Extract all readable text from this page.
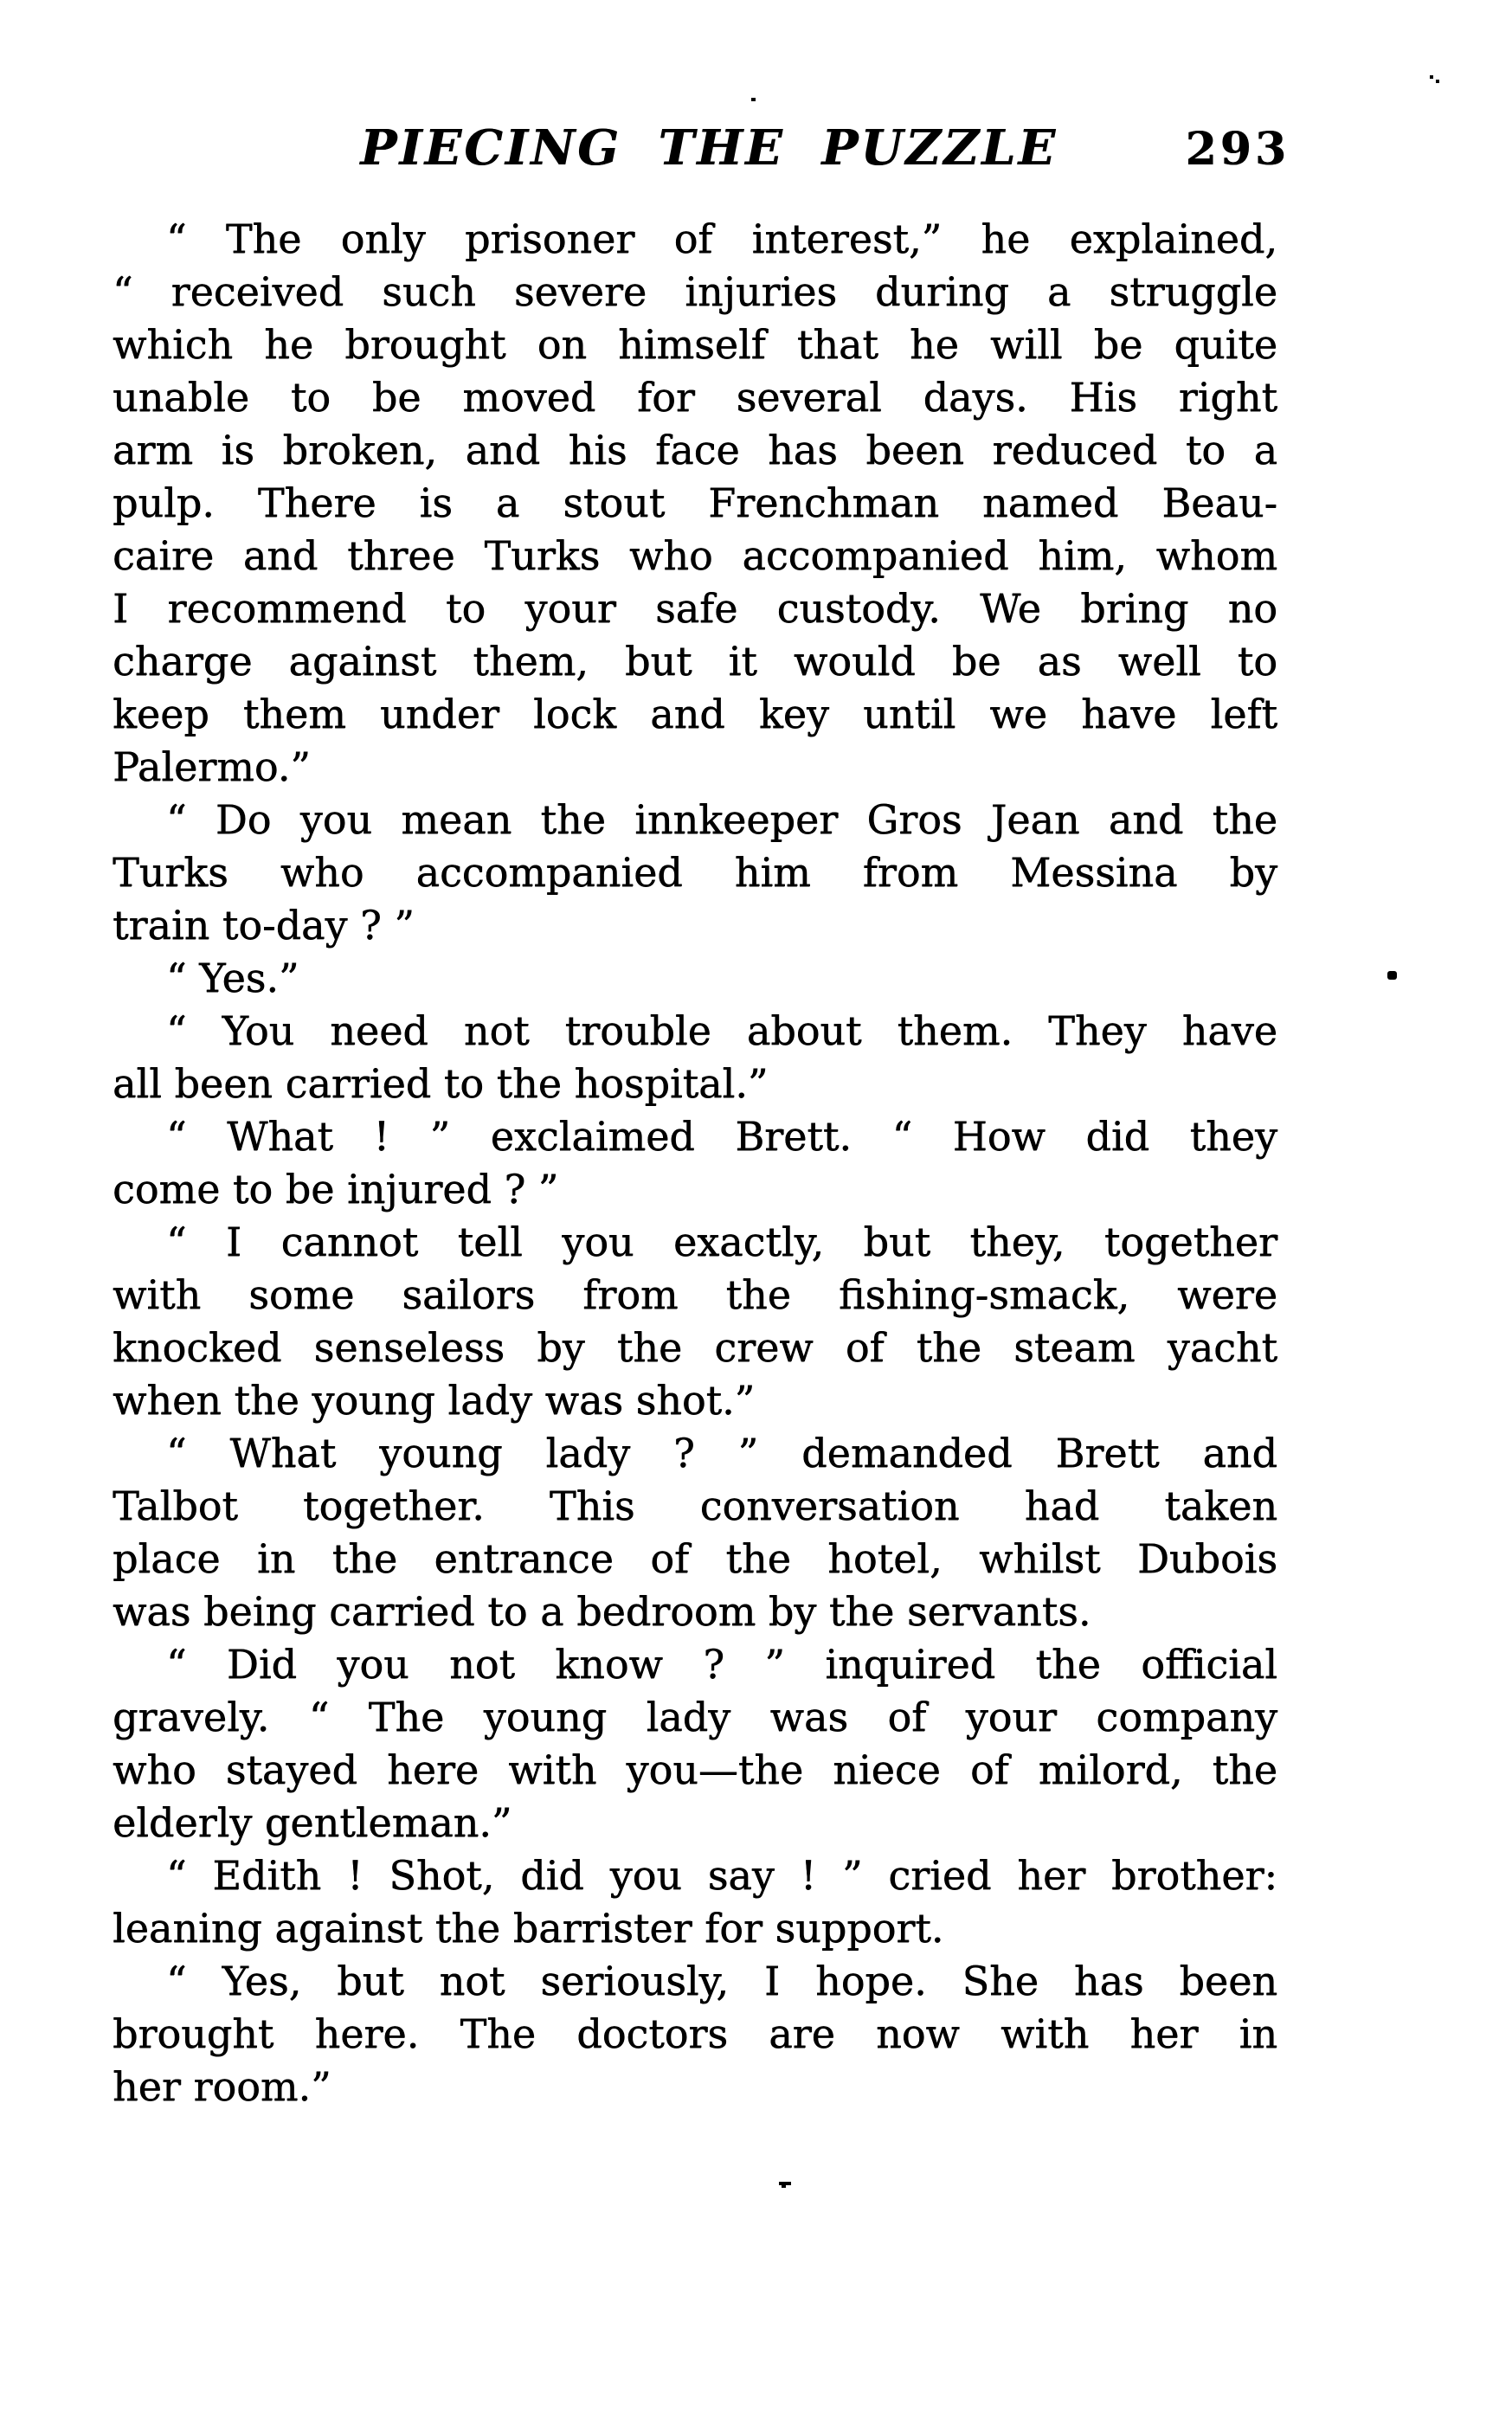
PIECING THE PUZZLE	293
“ The only prisoner of interest,” he explained,
“ received such severe injuries during a struggle
which he brought on himself that he will be quite
unable to be moved for several days. His right
arm is broken, and his face has been reduced to a
pulp. There is a stout Frenchman named Beau-
caire and three Turks who accompanied him, whom
I recommend to your safe custody. We bring no
charge against them, but it would be as well to
keep them under lock and key until we have left
Palermo.”
“ Do you mean the innkeeper Gros Jean and the
Turks who accompanied him from Messina by
train to-day ? ”
“ Yes.”
“ You need not trouble about them. They have
all been carried to the hospital.”
“ What ! ” exclaimed Brett. “ How did they
come to be injured ? ”
“ I cannot tell you exactly, but they, together
with some sailors from the fishing-smack, were
knocked senseless by the crew of the steam yacht
when the young lady was shot.”
“ What young lady ? ” demanded Brett and
Talbot together. This conversation had taken
place in the entrance of the hotel, whilst Dubois
was being carried to a bedroom by the servants.
“ Did you not know ? ” inquired the official
gravely. “ The young lady was of your company
who stayed here with you—the niece of milord, the
elderly gentleman.”
“ Edith ! Shot, did you say ! ” cried her brother:
leaning against the barrister for support.
“ Yes, but not seriously, I hope. She has been
brought here. The doctors are now with her in
her room.”
